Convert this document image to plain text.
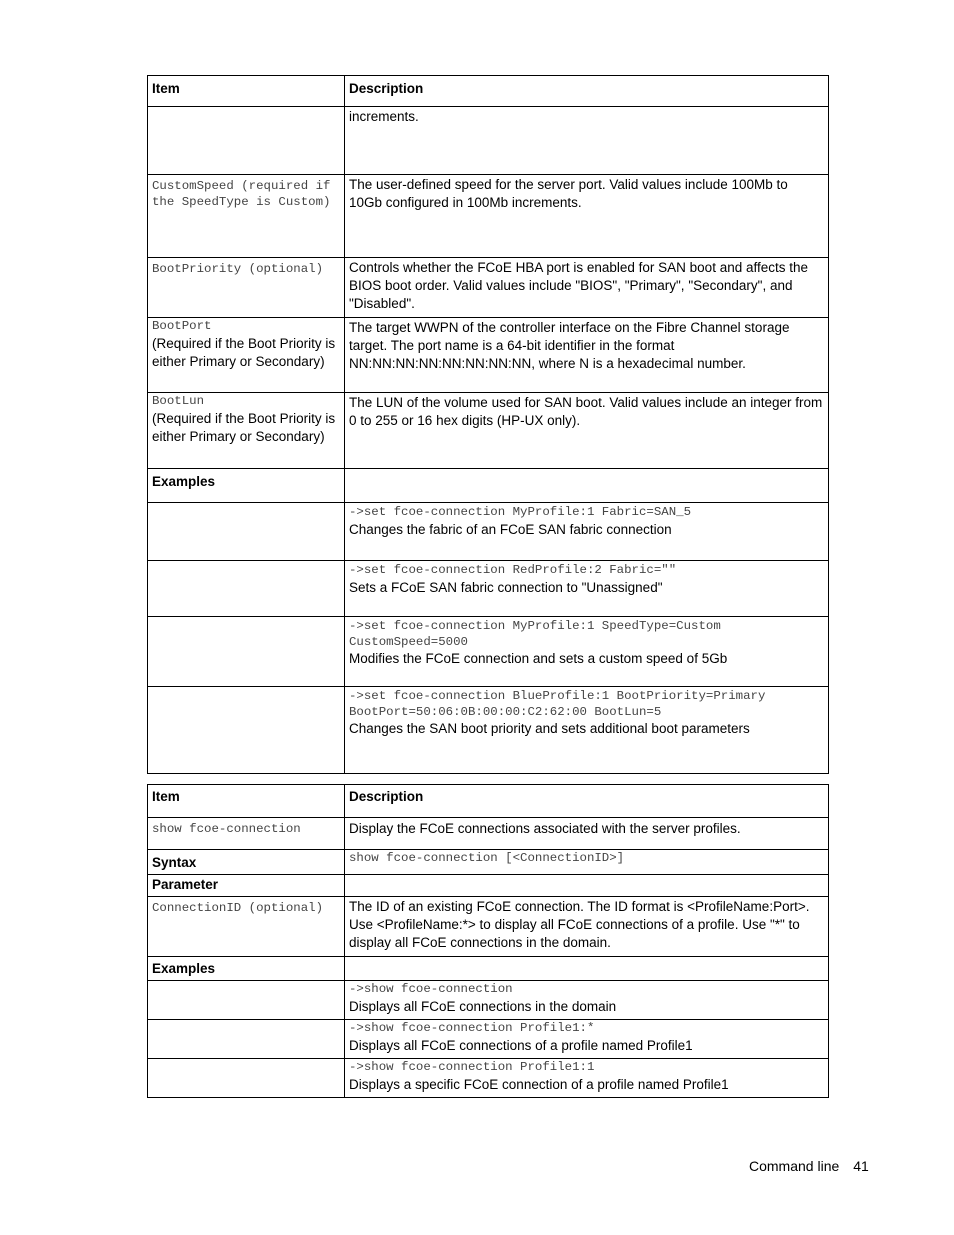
Item	Description

	increments.

CustomSpeed (required if the SpeedType is Custom)	The user-defined speed for the server port. Valid values include 100Mb to 10Gb configured in 100Mb increments.

BootPriority (optional)	Controls whether the FCoE HBA port is enabled for SAN boot and affects the BIOS boot order. Valid values include "BIOS", "Primary", "Secondary", and "Disabled".

BootPort
(Required if the Boot Priority is either Primary or Secondary)	The target WWPN of the controller interface on the Fibre Channel storage target. The port name is a 64-bit identifier in the format NN:NN:NN:NN:NN:NN:NN:NN, where N is a hexadecimal number.

BootLun
(Required if the Boot Priority is either Primary or Secondary)	The LUN of the volume used for SAN boot. Valid values include an integer from 0 to 255 or 16 hex digits (HP-UX only).

Examples	

	->set fcoe-connection MyProfile:1 Fabric=SAN_5
Changes the fabric of an FCoE SAN fabric connection

	->set fcoe-connection RedProfile:2 Fabric=""
Sets a FCoE SAN fabric connection to "Unassigned"

	->set fcoe-connection MyProfile:1 SpeedType=Custom CustomSpeed=5000
Modifies the FCoE connection and sets a custom speed of 5Gb

	->set fcoe-connection BlueProfile:1 BootPriority=Primary BootPort=50:06:0B:00:00:C2:62:00 BootLun=5
Changes the SAN boot priority and sets additional boot parameters
Item	Description

show fcoe-connection	Display the FCoE connections associated with the server profiles.

Syntax	show fcoe-connection [<ConnectionID>]

Parameter	

ConnectionID (optional)	The ID of an existing FCoE connection. The ID format is <ProfileName:Port>. Use <ProfileName:*> to display all FCoE connections of a profile. Use "*" to display all FCoE connections in the domain.

Examples	

	->show fcoe-connection
Displays all FCoE connections in the domain

	->show fcoe-connection Profile1:*
Displays all FCoE connections of a profile named Profile1

	->show fcoe-connection Profile1:1
Displays a specific FCoE connection of a profile named Profile1
Command line 41
